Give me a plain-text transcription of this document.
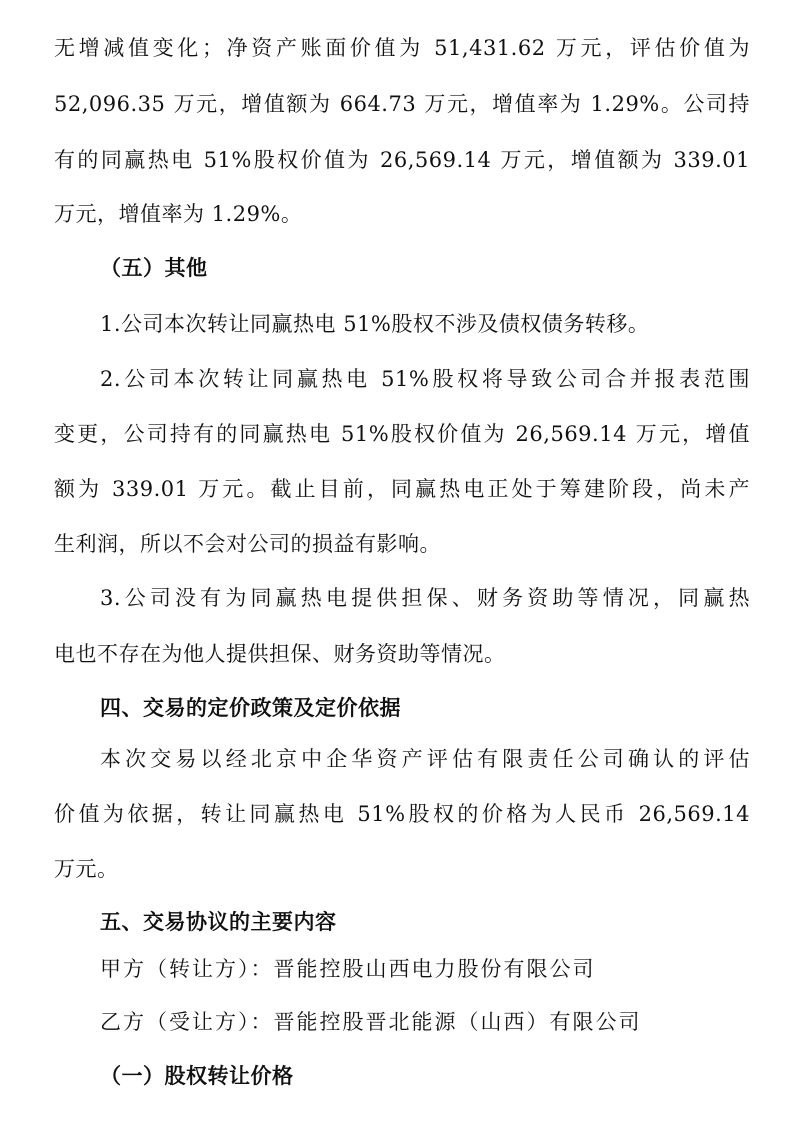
无增减值变化；净资产账面价值为 51,431.62 万元，评估价值为
52,096.35 万元，增值额为 664.73 万元，增值率为 1.29%。公司持
有的同赢热电 51%股权价值为 26,569.14 万元，增值额为 339.01
万元，增值率为 1.29%。
（五）其他
1.公司本次转让同赢热电 51%股权不涉及债权债务转移。
2.公司本次转让同赢热电 51%股权将导致公司合并报表范围
变更，公司持有的同赢热电 51%股权价值为 26,569.14 万元，增值
额为 339.01 万元。截止目前，同赢热电正处于筹建阶段，尚未产
生利润，所以不会对公司的损益有影响。
3.公司没有为同赢热电提供担保、财务资助等情况，同赢热
电也不存在为他人提供担保、财务资助等情况。
四、交易的定价政策及定价依据
本次交易以经北京中企华资产评估有限责任公司确认的评估
价值为依据，转让同赢热电 51%股权的价格为人民币 26,569.14
万元。
五、交易协议的主要内容
甲方（转让方）：晋能控股山西电力股份有限公司
乙方（受让方）：晋能控股晋北能源（山西）有限公司
（一）股权转让价格
